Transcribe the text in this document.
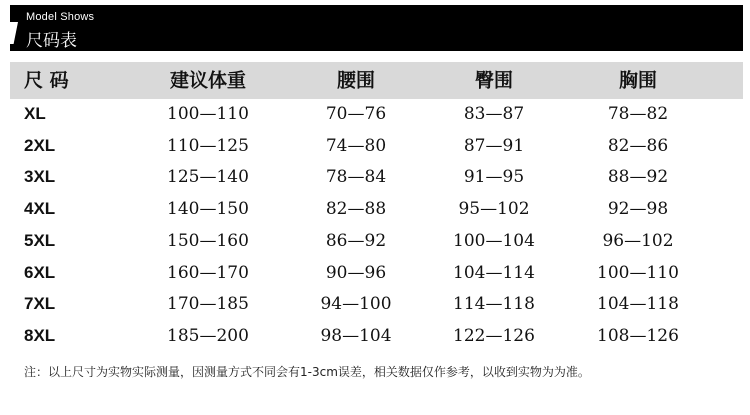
Model Shows
尺码表
尺 码	建议体重	腰围	臀围	胸围
XL	100—110	70—76	83—87	78—82
2XL	110—125	74—80	87—91	82—86
3XL	125—140	78—84	91—95	88—92
4XL	140—150	82—88	95—102	92—98
5XL	150—160	86—92	100—104	96—102
6XL	160—170	90—96	104—114	100—110
7XL	170—185	94—100	114—118	104—118
8XL	185—200	98—104	122—126	108—126
注：以上尺寸为实物实际测量，因测量方式不同会有1-3cm误差，相关数据仅作参考，以收到实物为为准。
